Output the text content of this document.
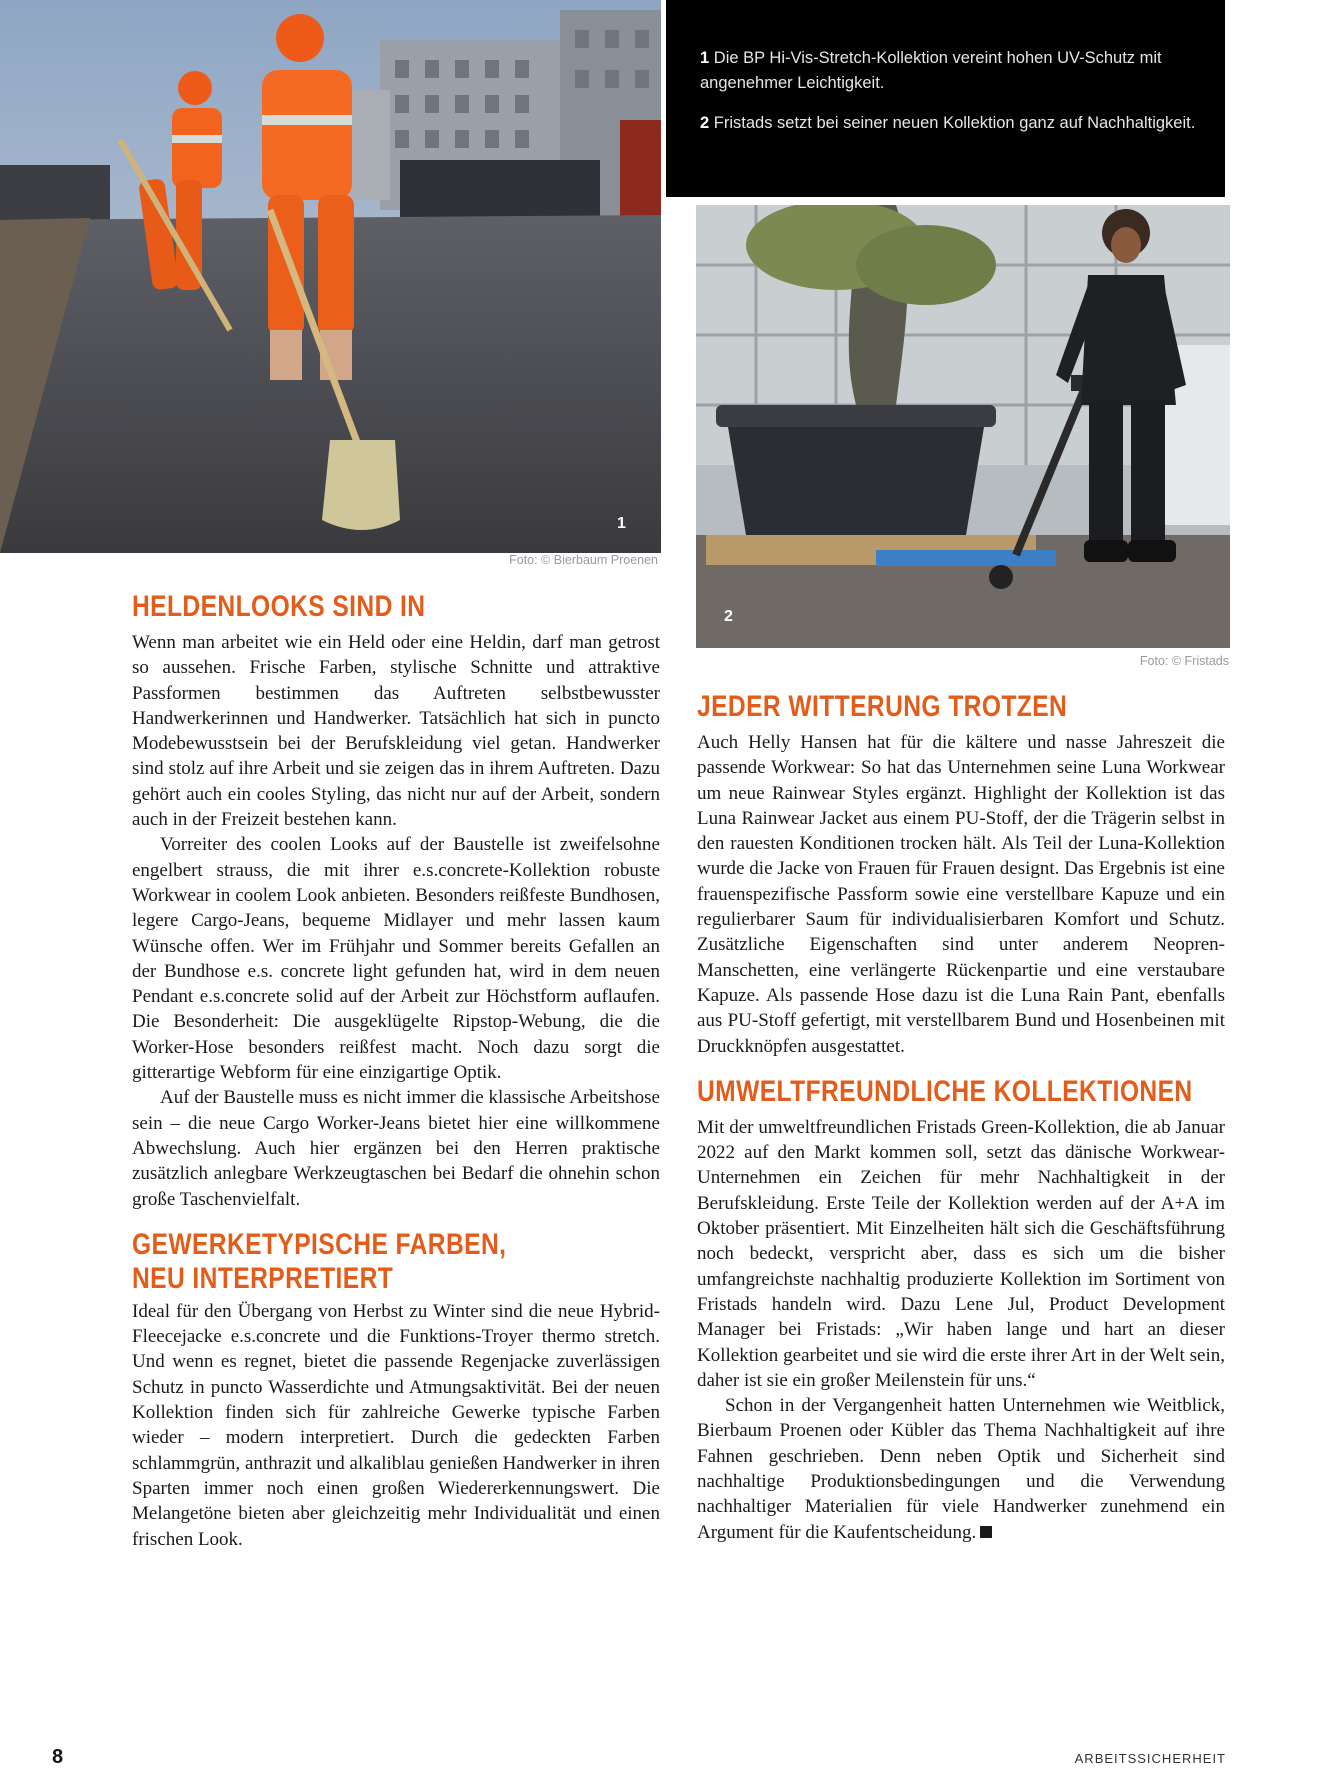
1
Foto: © Bierbaum Proenen
1 Die BP Hi-Vis-Stretch-Kollektion vereint hohen UV-Schutz mit angenehmer Leichtigkeit.
2 Fristads setzt bei seiner neuen Kollektion ganz auf Nachhaltigkeit.
2
Foto: © Fristads
HELDENLOOKS SIND IN

Wenn man arbeitet wie ein Held oder eine Heldin, darf man getrost so aussehen. Frische Farben, stylische Schnitte und attraktive Passformen bestimmen das Auftreten selbstbewusster Handwerkerinnen und Handwerker. Tatsächlich hat sich in puncto Modebewusstsein bei der Berufskleidung viel getan. Handwerker sind stolz auf ihre Arbeit und sie zeigen das in ihrem Auftreten. Dazu gehört auch ein cooles Styling, das nicht nur auf der Arbeit, sondern auch in der Freizeit bestehen kann.

Vorreiter des coolen Looks auf der Baustelle ist zweifelsohne engelbert strauss, die mit ihrer e.s.concrete-Kollektion robuste Workwear in coolem Look anbieten. Besonders reißfeste Bundhosen, legere Cargo-Jeans, bequeme Midlayer und mehr lassen kaum Wünsche offen. Wer im Frühjahr und Sommer bereits Gefallen an der Bundhose e.s. concrete light gefunden hat, wird in dem neuen Pendant e.s.concrete solid auf der Arbeit zur Höchstform auflaufen. Die Besonderheit: Die ausgeklügelte Ripstop-Webung, die die Worker-Hose besonders reißfest macht. Noch dazu sorgt die gitterartige Webform für eine einzigartige Optik.

Auf der Baustelle muss es nicht immer die klassische Arbeitshose sein – die neue Cargo Worker-Jeans bietet hier eine willkommene Abwechslung. Auch hier ergänzen bei den Herren praktische zusätzlich anlegbare Werkzeugtaschen bei Bedarf die ohnehin schon große Taschenvielfalt.

GEWERKETYPISCHE FARBEN,
NEU INTERPRETIERT

Ideal für den Übergang von Herbst zu Winter sind die neue Hybrid-Fleecejacke e.s.concrete und die Funktions-Troyer thermo stretch. Und wenn es regnet, bietet die passende Regenjacke zuverlässigen Schutz in puncto Wasserdichte und Atmungsaktivität. Bei der neuen Kollektion finden sich für zahlreiche Gewerke typische Farben wieder – modern interpretiert. Durch die gedeckten Farben schlammgrün, anthrazit und alkaliblau genießen Handwerker in ihren Sparten immer noch einen großen Wiedererkennungswert. Die Melangetöne bieten aber gleichzeitig mehr Individualität und einen frischen Look.

JEDER WITTERUNG TROTZEN

Auch Helly Hansen hat für die kältere und nasse Jahreszeit die passende Workwear: So hat das Unternehmen seine Luna Workwear um neue Rainwear Styles ergänzt. Highlight der Kollektion ist das Luna Rainwear Jacket aus einem PU-Stoff, der die Trägerin selbst in den rauesten Konditionen trocken hält. Als Teil der Luna-Kollektion wurde die Jacke von Frauen für Frauen designt. Das Ergebnis ist eine frauenspezifische Passform sowie eine verstellbare Kapuze und ein regulierbarer Saum für individualisierbaren Komfort und Schutz. Zusätzliche Eigenschaften sind unter anderem Neopren-Manschetten, eine verlängerte Rückenpartie und eine verstaubare Kapuze. Als passende Hose dazu ist die Luna Rain Pant, ebenfalls aus PU-Stoff gefertigt, mit verstellbarem Bund und Hosenbeinen mit Druckknöpfen ausgestattet.

UMWELTFREUNDLICHE KOLLEKTIONEN

Mit der umweltfreundlichen Fristads Green-Kollektion, die ab Januar 2022 auf den Markt kommen soll, setzt das dänische Workwear-Unternehmen ein Zeichen für mehr Nachhaltigkeit in der Berufskleidung. Erste Teile der Kollektion werden auf der A+A im Oktober präsentiert. Mit Einzelheiten hält sich die Geschäftsführung noch bedeckt, verspricht aber, dass es sich um die bisher umfangreichste nachhaltig produzierte Kollektion im Sortiment von Fristads handeln wird. Dazu Lene Jul, Product Development Manager bei Fristads: „Wir haben lange und hart an dieser Kollektion gearbeitet und sie wird die erste ihrer Art in der Welt sein, daher ist sie ein großer Meilenstein für uns.“

Schon in der Vergangenheit hatten Unternehmen wie Weitblick, Bierbaum Proenen oder Kübler das Thema Nachhaltigkeit auf ihre Fahnen geschrieben. Denn neben Optik und Sicherheit sind nachhaltige Produktionsbedingungen und die Verwendung nachhaltiger Materialien für viele Handwerker zunehmend ein Argument für die Kaufentscheidung.

8	ARBEITSSICHERHEIT
